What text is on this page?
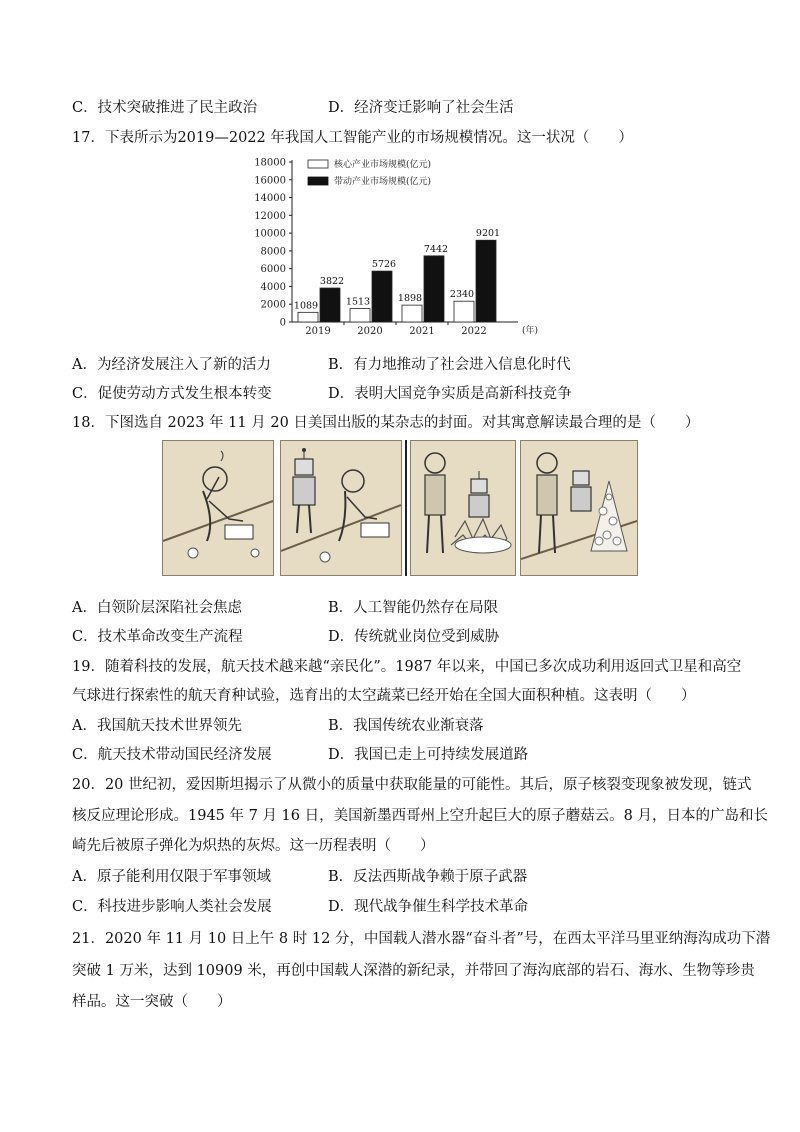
C．技术突破推进了民主政治	D．经济变迁影响了社会生活
17．下表所示为2019—2022 年我国人工智能产业的市场规模情况。这一状况（　　）
0
2000
4000
6000
8000
10000
12000
14000
16000
18000
1089
3822
1513
5726
1898
7442
2340
9201
2019	2020	2021	2022	(年)
核心产业市场规模(亿元)
带动产业市场规模(亿元)
A．为经济发展注入了新的活力	B．有力地推动了社会进入信息化时代
C．促使劳动方式发生根本转变	D．表明大国竞争实质是高新科技竞争
18．下图选自 2023 年 11 月 20 日美国出版的某杂志的封面。对其寓意解读最合理的是（　　）
A．白领阶层深陷社会焦虑	B．人工智能仍然存在局限
C．技术革命改变生产流程	D．传统就业岗位受到威胁
19．随着科技的发展，航天技术越来越“亲民化”。1987 年以来，中国已多次成功利用返回式卫星和高空
气球进行探索性的航天育种试验，选育出的太空蔬菜已经开始在全国大面积种植。这表明（　　）
A．我国航天技术世界领先	B．我国传统农业渐衰落
C．航天技术带动国民经济发展	D．我国已走上可持续发展道路
20．20 世纪初，爱因斯坦揭示了从微小的质量中获取能量的可能性。其后，原子核裂变现象被发现，链式
核反应理论形成。1945 年 7 月 16 日，美国新墨西哥州上空升起巨大的原子蘑菇云。8 月，日本的广岛和长
崎先后被原子弹化为炽热的灰烬。这一历程表明（　　）
A．原子能利用仅限于军事领域	B．反法西斯战争赖于原子武器
C．科技进步影响人类社会发展	D．现代战争催生科学技术革命
21．2020 年 11 月 10 日上午 8 时 12 分，中国载人潜水器“奋斗者”号，在西太平洋马里亚纳海沟成功下潜
突破 1 万米，达到 10909 米，再创中国载人深潜的新纪录，并带回了海沟底部的岩石、海水、生物等珍贵
样品。这一突破（　　）
